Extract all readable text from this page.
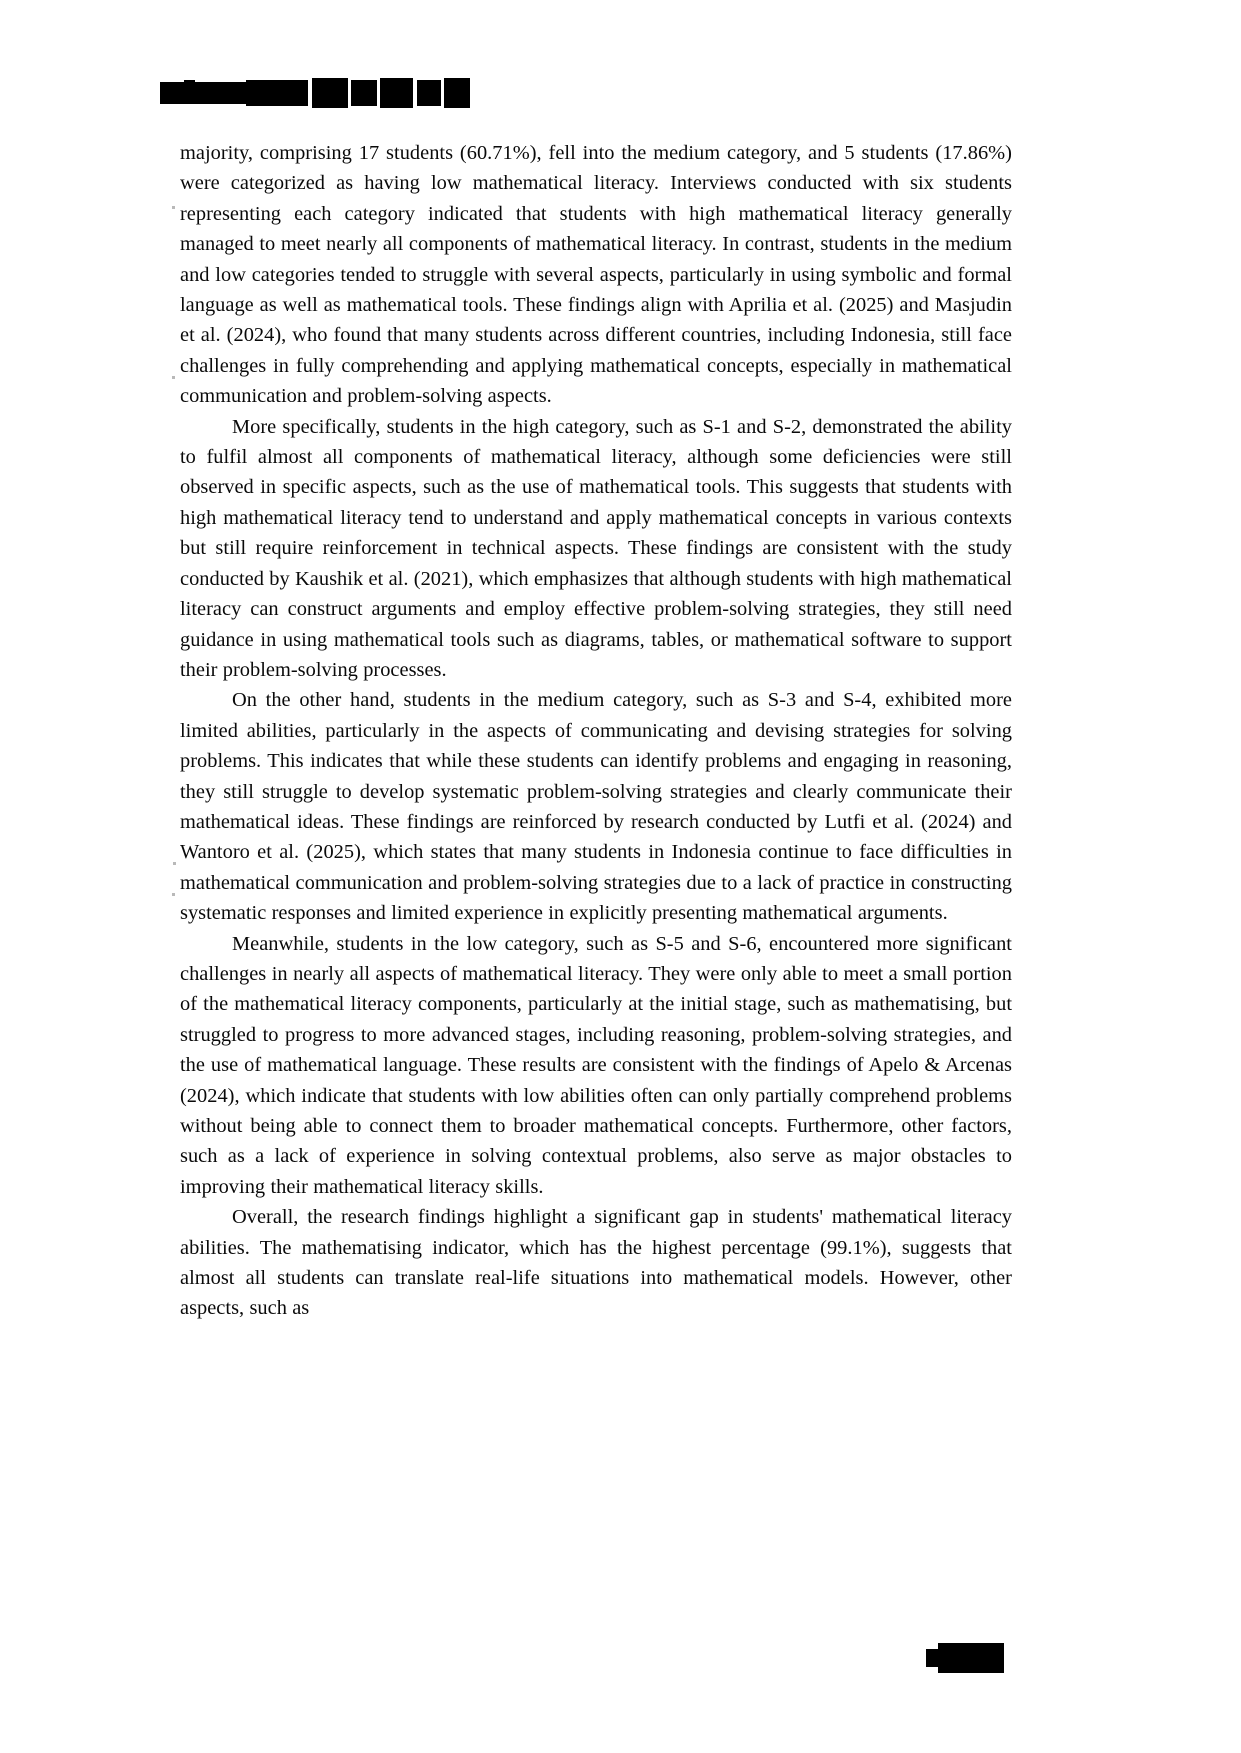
majority, comprising 17 students (60.71%), fell into the medium category, and 5 students (17.86%) were categorized as having low mathematical literacy. Interviews conducted with six students representing each category indicated that students with high mathematical literacy generally managed to meet nearly all components of mathematical literacy. In contrast, students in the medium and low categories tended to struggle with several aspects, particularly in using symbolic and formal language as well as mathematical tools. These findings align with Aprilia et al. (2025) and Masjudin et al. (2024), who found that many students across different countries, including Indonesia, still face challenges in fully comprehending and applying mathematical concepts, especially in mathematical communication and problem-solving aspects.

More specifically, students in the high category, such as S-1 and S-2, demonstrated the ability to fulfil almost all components of mathematical literacy, although some deficiencies were still observed in specific aspects, such as the use of mathematical tools. This suggests that students with high mathematical literacy tend to understand and apply mathematical concepts in various contexts but still require reinforcement in technical aspects. These findings are consistent with the study conducted by Kaushik et al. (2021), which emphasizes that although students with high mathematical literacy can construct arguments and employ effective problem-solving strategies, they still need guidance in using mathematical tools such as diagrams, tables, or mathematical software to support their problem-solving processes.

On the other hand, students in the medium category, such as S-3 and S-4, exhibited more limited abilities, particularly in the aspects of communicating and devising strategies for solving problems. This indicates that while these students can identify problems and engaging in reasoning, they still struggle to develop systematic problem-solving strategies and clearly communicate their mathematical ideas. These findings are reinforced by research conducted by Lutfi et al. (2024) and Wantoro et al. (2025), which states that many students in Indonesia continue to face difficulties in mathematical communication and problem-solving strategies due to a lack of practice in constructing systematic responses and limited experience in explicitly presenting mathematical arguments.

Meanwhile, students in the low category, such as S-5 and S-6, encountered more significant challenges in nearly all aspects of mathematical literacy. They were only able to meet a small portion of the mathematical literacy components, particularly at the initial stage, such as mathematising, but struggled to progress to more advanced stages, including reasoning, problem-solving strategies, and the use of mathematical language. These results are consistent with the findings of Apelo & Arcenas (2024), which indicate that students with low abilities often can only partially comprehend problems without being able to connect them to broader mathematical concepts. Furthermore, other factors, such as a lack of experience in solving contextual problems, also serve as major obstacles to improving their mathematical literacy skills.

Overall, the research findings highlight a significant gap in students' mathematical literacy abilities. The mathematising indicator, which has the highest percentage (99.1%), suggests that almost all students can translate real-life situations into mathematical models. However, other aspects, such as
